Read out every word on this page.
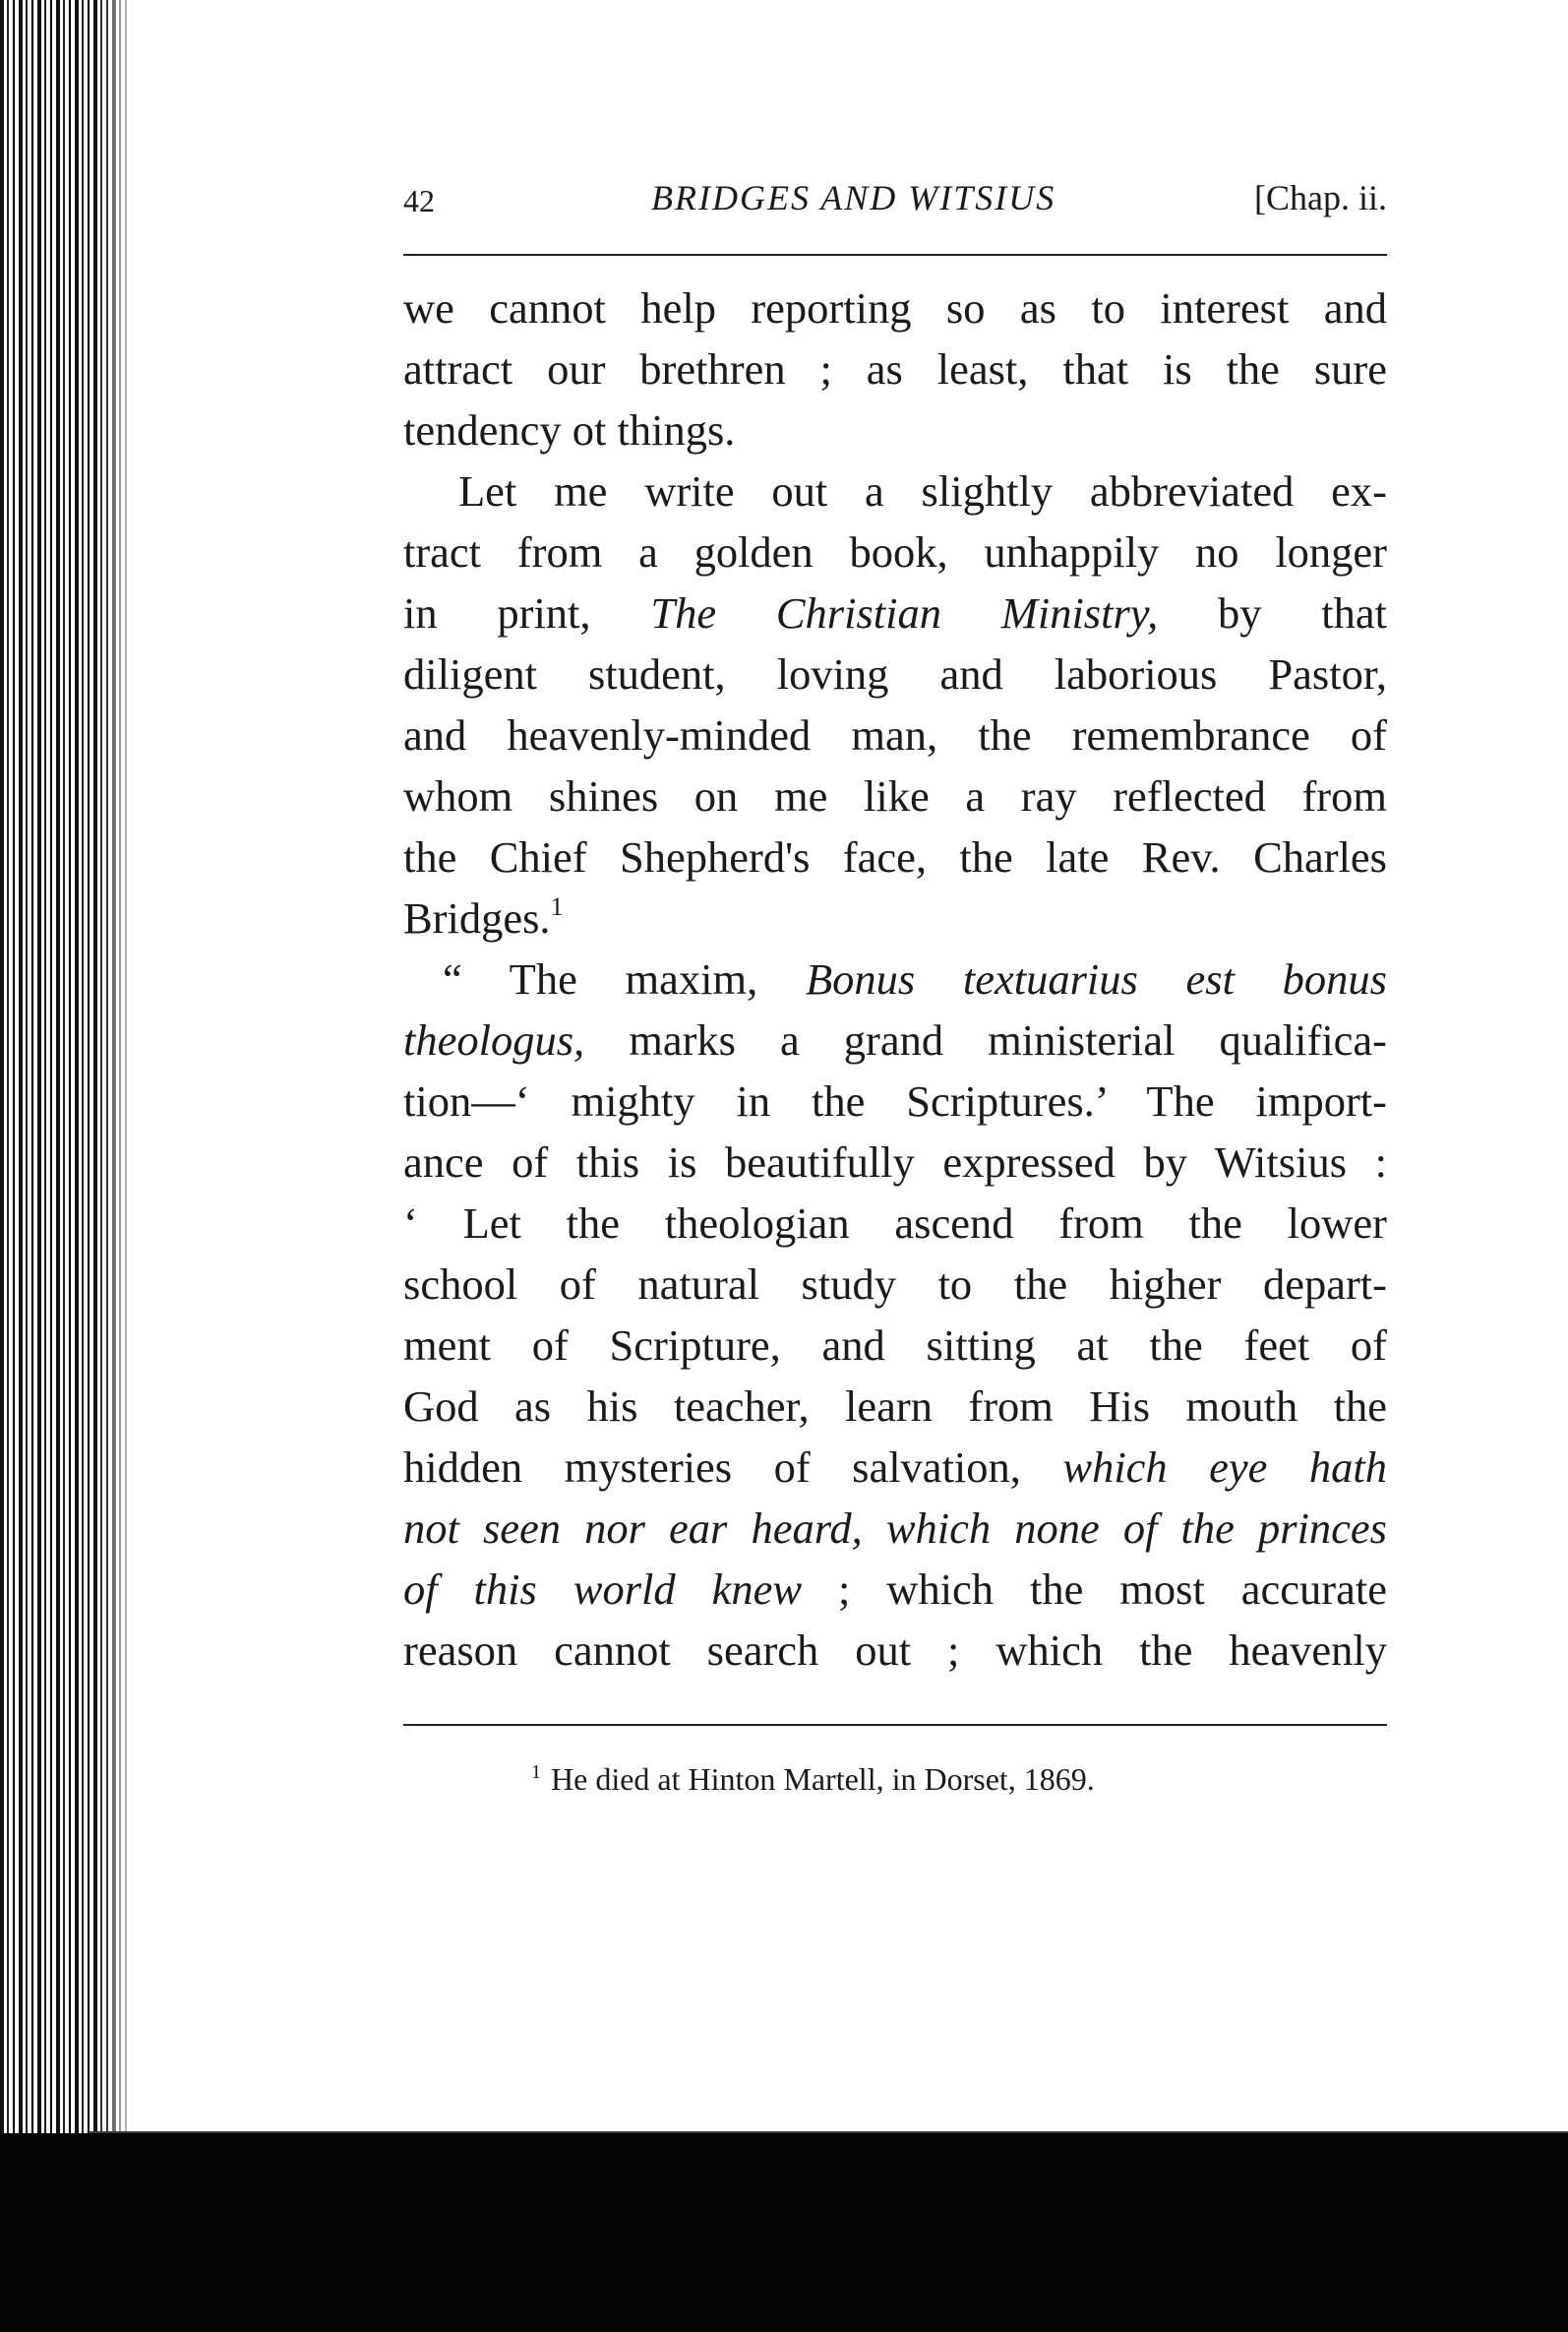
42	BRIDGES AND WITSIUS	[Chap. ii.
we cannot help reporting so as to interest and
attract our brethren ; as least, that is the sure
tendency ot things.
Let me write out a slightly abbreviated ex-
tract from a golden book, unhappily no longer
in print, The Christian Ministry, by that
diligent student, loving and laborious Pastor,
and heavenly-minded man, the remembrance of
whom shines on me like a ray reflected from
the Chief Shepherd's face, the late Rev. Charles
Bridges.$^1$
“ The maxim, Bonus textuarius est bonus
theologus, marks a grand ministerial qualifica-
tion—‘ mighty in the Scriptures.’ The import-
ance of this is beautifully expressed by Witsius :
‘ Let the theologian ascend from the lower
school of natural study to the higher depart-
ment of Scripture, and sitting at the feet of
God as his teacher, learn from His mouth the
hidden mysteries of salvation, which eye hath
not seen nor ear heard, which none of the princes
of this world knew ; which the most accurate
reason cannot search out ; which the heavenly
$^1$ He died at Hinton Martell, in Dorset, 1869.
